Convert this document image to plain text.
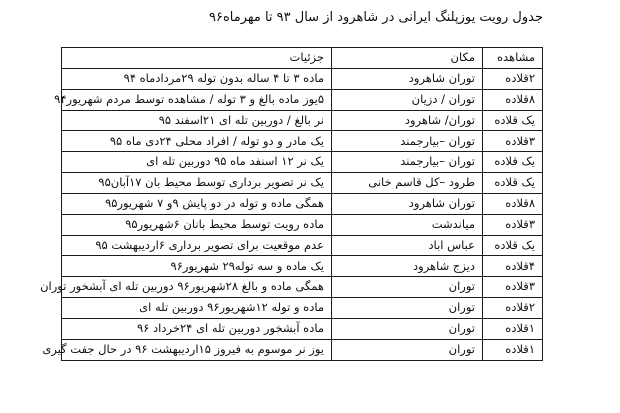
جدول رویت یوزپلنگ ایرانی در شاهرود از سال ۹۳ تا مهرماه۹۶
مشاهده	مکان	جزئیات
۲قلاده	توران شاهرود	ماده ۳ تا ۴ ساله بدون توله ۲۹مردادماه ۹۴
۸قلاده	توران / دزیان	۵یوز ماده بالغ و ۳ توله / مشاهده توسط مردم شهریور۹۴
یک قلاده	توران/ شاهرود	نر بالغ / دوربین تله ای ۲۱اسفند ۹۵
۳قلاده	توران –بیارجمند	یک مادر و دو توله / افراد محلی ۲۴دی ماه ۹۵
یک قلاده	توران –بیارجمند	یک نر ۱۲ اسنفد ماه ۹۵ دوربین تله ای
یک قلاده	طرود –کل قاسم خانی	یک نر تصویر برداری توسط محیط بان ۱۷آبان۹۵
۸قلاده	توران شاهرود	همگی ماده و توله در دو پایش ۹و ۷ شهریور۹۵
۳قلاده	میاندشت	ماده رویت توسط محیط بانان ۶شهریور۹۵
یک قلاده	عباس اباد	عدم موقعیت برای تصویر برداری ۶اردیبهشت ۹۵
۴قلاده	دیزج شاهرود	یک ماده و سه توله۲۹ شهریور۹۶
۳قلاده	توران	همگی ماده و بالغ ۲۸شهریور۹۶ دوربین تله ای آبشخور توران
۲قلاده	توران	ماده و توله ۱۲شهریور۹۶ دوربین تله ای
۱قلاده	توران	ماده آبشخور دوربین تله ای ۲۴خرداد ۹۶
۱قلاده	توران	یوز نر موسوم به فیروز ۱۵اردیبهشت ۹۶ در حال جفت گیری
